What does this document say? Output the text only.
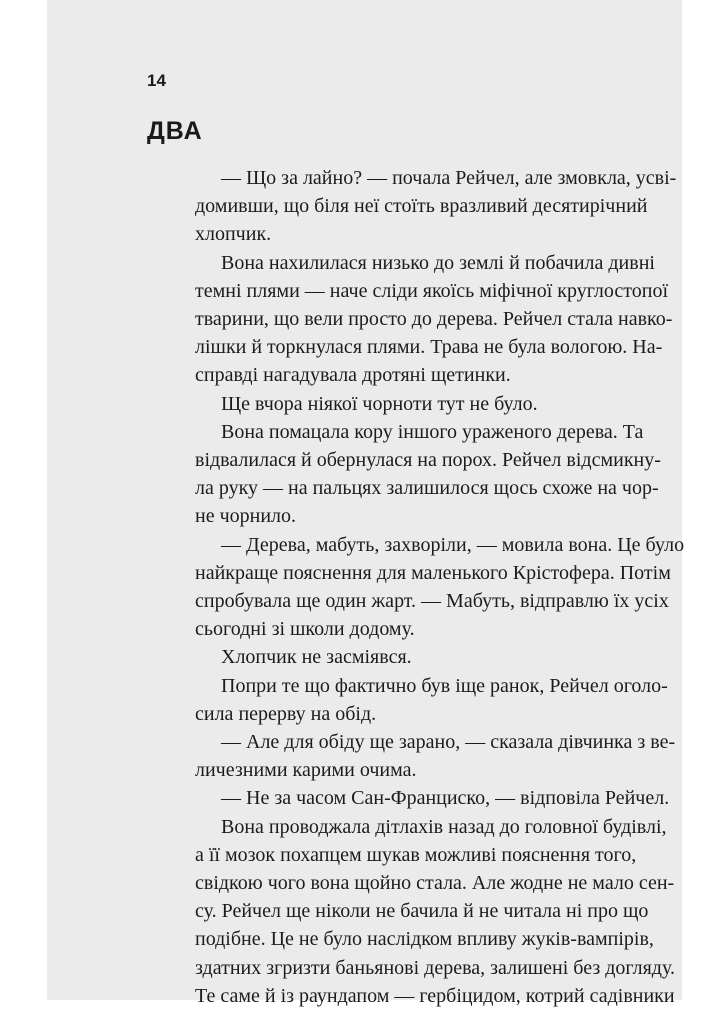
14
ДВА
— Що за лайно? — почала Рейчел, але змовкла, усві-
домивши, що біля неї стоїть вразливий десятирічний
хлопчик.
Вона нахилилася низько до землі й побачила дивні
темні плями — наче сліди якоїсь міфічної круглостопої
тварини, що вели просто до дерева. Рейчел стала навко-
лішки й торкнулася плями. Трава не була вологою. На-
справді нагадувала дротяні щетинки.
Ще вчора ніякої чорноти тут не було.
Вона помацала кору іншого ураженого дерева. Та
відвалилася й обернулася на порох. Рейчел відсмикну-
ла руку — на пальцях залишилося щось схоже на чор-
не чорнило.
— Дерева, мабуть, захворіли, — мовила вона. Це було
найкраще пояснення для маленького Крістофера. Потім
спробувала ще один жарт. — Мабуть, відправлю їх усіх
сьогодні зі школи додому.
Хлопчик не засміявся.
Попри те що фактично був іще ранок, Рейчел оголо-
сила перерву на обід.
— Але для обіду ще зарано, — сказала дівчинка з ве-
личезними карими очима.
— Не за часом Сан-Франциско, — відповіла Рейчел.
Вона проводжала дітлахів назад до головної будівлі,
а її мозок похапцем шукав можливі пояснення того,
свідкою чого вона щойно стала. Але жодне не мало сен-
су. Рейчел ще ніколи не бачила й не читала ні про що
подібне. Це не було наслідком впливу жуків-вампірів,
здатних згризти баньянові дерева, залишені без догляду.
Те саме й із раундапом — гербіцидом, котрий садівники
